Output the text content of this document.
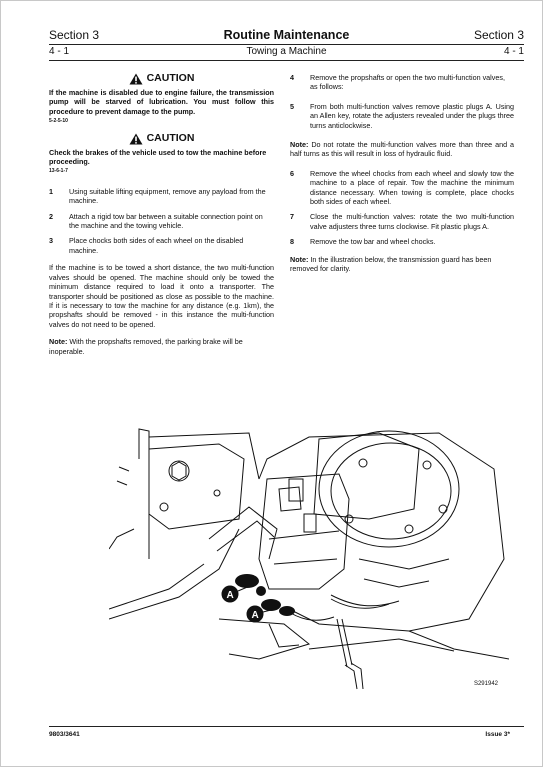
Section 3	Routine Maintenance	Section 3
4 - 1	Towing a Machine	4 - 1
CAUTION
If the machine is disabled due to engine failure, the transmission pump will be starved of lubrication. You must follow this procedure to prevent damage to the pump.
5-2-5-10
CAUTION
Check the brakes of the vehicle used to tow the machine before proceeding.
13-6-1-7
1	Using suitable lifting equipment, remove any payload from the machine.
2	Attach a rigid tow bar between a suitable connection point on the machine and the towing vehicle.
3	Place chocks both sides of each wheel on the disabled machine.
If the machine is to be towed a short distance, the two multi-function valves should be opened. The machine should only be towed the minimum distance required to load it onto a transporter. The transporter should be positioned as close as possible to the machine. If it is necessary to tow the machine for any distance (e.g. 1km), the propshafts should be removed - in this instance the multi-function valves do not need to be opened.
Note: With the propshafts removed, the parking brake will be inoperable.
4	Remove the propshafts or open the two multi-function valves, as follows:
5	From both multi-function valves remove plastic plugs A. Using an Allen key, rotate the adjusters revealed under the plugs three turns anticlockwise.
Note: Do not rotate the multi-function valves more than three and a half turns as this will result in loss of hydraulic fluid.
6	Remove the wheel chocks from each wheel and slowly tow the machine to a place of repair. Tow the machine the minimum distance necessary. When towing is complete, place chocks both sides of each wheel.
7	Close the multi-function valves: rotate the two multi-function valve adjusters three turns clockwise. Fit plastic plugs A.
8	Remove the tow bar and wheel chocks.
Note: In the illustration below, the transmission guard has been removed for clarity.
A
A
S291942
9803/3641	Issue 3*
